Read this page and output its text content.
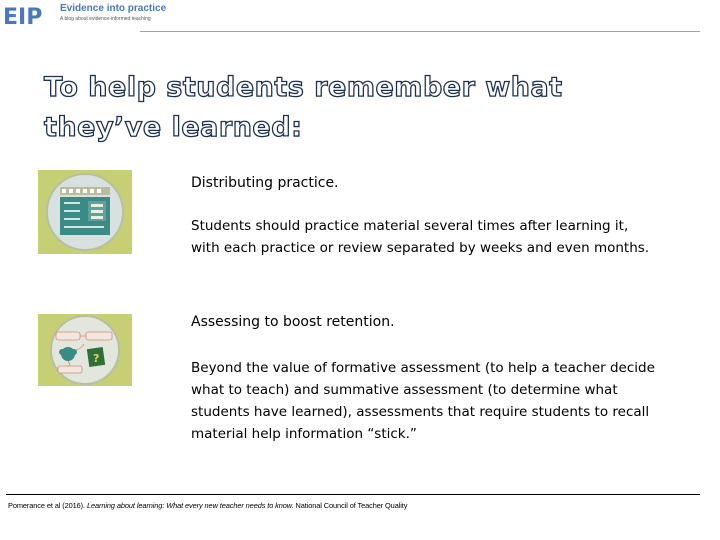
EIP Evidence into practice
A blog about evidence-informed teaching
To help students remember what they’ve learned:
Distributing practice.
Students should practice material several times after learning it, with each practice or review separated by weeks and even months.
?
Assessing to boost retention.
Beyond the value of formative assessment (to help a teacher decide what to teach) and summative assessment (to determine what students have learned), assessments that require students to recall material help information “stick.”
Pomerance et al (2016). Learning about learning: What every new teacher needs to know. National Council of Teacher Quality
